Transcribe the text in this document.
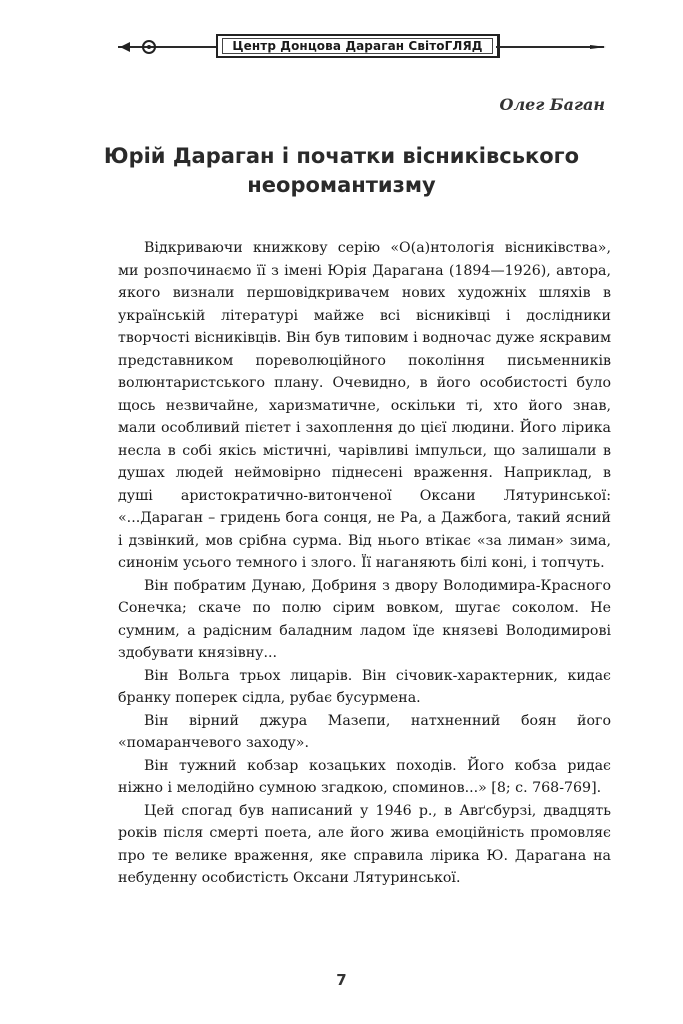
Центр Донцова Дараган СвітоГЛЯД
Олег Баган
Юрій Дараган і початки вісниківського
неоромантизму

Відкриваючи книжкову серію «О(а)нтологія вісниківства», ми розпочинаємо її з імені Юрія Дарагана (1894—1926), автора, якого визнали першовідкривачем нових художніх шляхів в українській літературі майже всі вісниківці і дослідники творчості вісниківців. Він був типовим і водночас дуже яскравим представником пореволюційного покоління письменників волюнтаристського плану. Очевидно, в його особистості було щось незвичайне, харизматичне, оскільки ті, хто його знав, мали особливий пієтет і захоплення до цієї людини. Його лірика несла в собі якісь містичні, чарівливі імпульси, що залишали в душах людей неймовірно піднесені враження. Наприклад, в душі аристократично-витонченої Оксани Лятуринської: «...Дараган – гридень бога сонця, не Ра, а Дажбога, такий ясний і дзвінкий, мов срібна сурма. Від нього втікає «за лиман» зима, синонім усього темного і злого. Її наганяють білі коні, і топчуть.

Він побратим Дунаю, Добриня з двору Володимира-Красного Сонечка; скаче по полю сірим вовком, шугає соколом. Не сумним, а радісним баладним ладом їде князеві Володимирові здобувати князівну...

Він Вольга трьох лицарів. Він січовик-характерник, кидає бранку поперек сідла, рубає бусурмена.

Він вірний джура Мазепи, натхненний боян його «помаранчевого заходу».

Він тужний кобзар козацьких походів. Його кобза ридає ніжно і мелодійно сумною згадкою, споминов...» [8; с. 768-769].

Цей спогад був написаний у 1946 р., в Авґсбурзі, двадцять років після смерті поета, але його жива емоційність промовляє про те велике враження, яке справила лірика Ю. Дарагана на небуденну особистість Оксани Лятуринської.

7
